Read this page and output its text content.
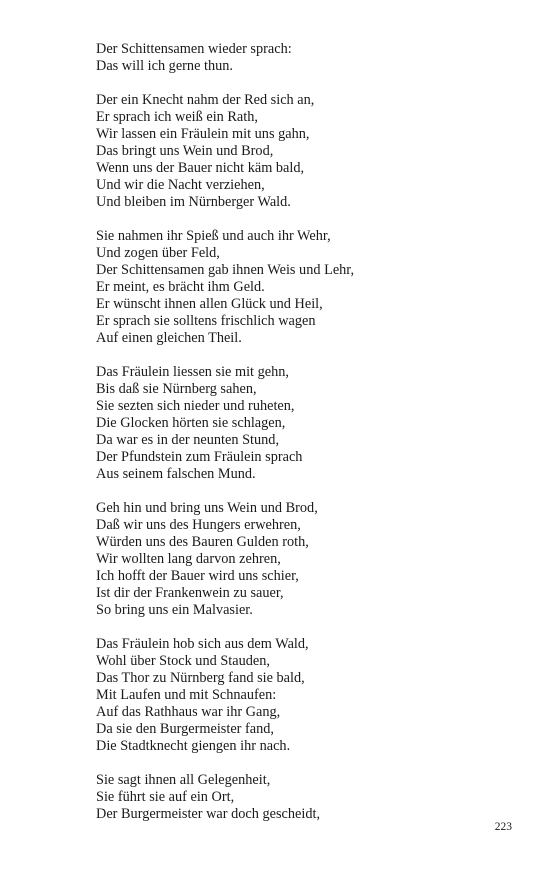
Der Schittensamen wieder sprach:
Das will ich gerne thun.
Der ein Knecht nahm der Red sich an,
Er sprach ich weiß ein Rath,
Wir lassen ein Fräulein mit uns gahn,
Das bringt uns Wein und Brod,
Wenn uns der Bauer nicht käm bald,
Und wir die Nacht verziehen,
Und bleiben im Nürnberger Wald.
Sie nahmen ihr Spieß und auch ihr Wehr,
Und zogen über Feld,
Der Schittensamen gab ihnen Weis und Lehr,
Er meint, es brächt ihm Geld.
Er wünscht ihnen allen Glück und Heil,
Er sprach sie solltens frischlich wagen
Auf einen gleichen Theil.
Das Fräulein liessen sie mit gehn,
Bis daß sie Nürnberg sahen,
Sie sezten sich nieder und ruheten,
Die Glocken hörten sie schlagen,
Da war es in der neunten Stund,
Der Pfundstein zum Fräulein sprach
Aus seinem falschen Mund.
Geh hin und bring uns Wein und Brod,
Daß wir uns des Hungers erwehren,
Würden uns des Bauren Gulden roth,
Wir wollten lang darvon zehren,
Ich hofft der Bauer wird uns schier,
Ist dir der Frankenwein zu sauer,
So bring uns ein Malvasier.
Das Fräulein hob sich aus dem Wald,
Wohl über Stock und Stauden,
Das Thor zu Nürnberg fand sie bald,
Mit Laufen und mit Schnaufen:
Auf das Rathhaus war ihr Gang,
Da sie den Burgermeister fand,
Die Stadtknecht giengen ihr nach.
Sie sagt ihnen all Gelegenheit,
Sie führt sie auf ein Ort,
Der Burgermeister war doch gescheidt,
223
